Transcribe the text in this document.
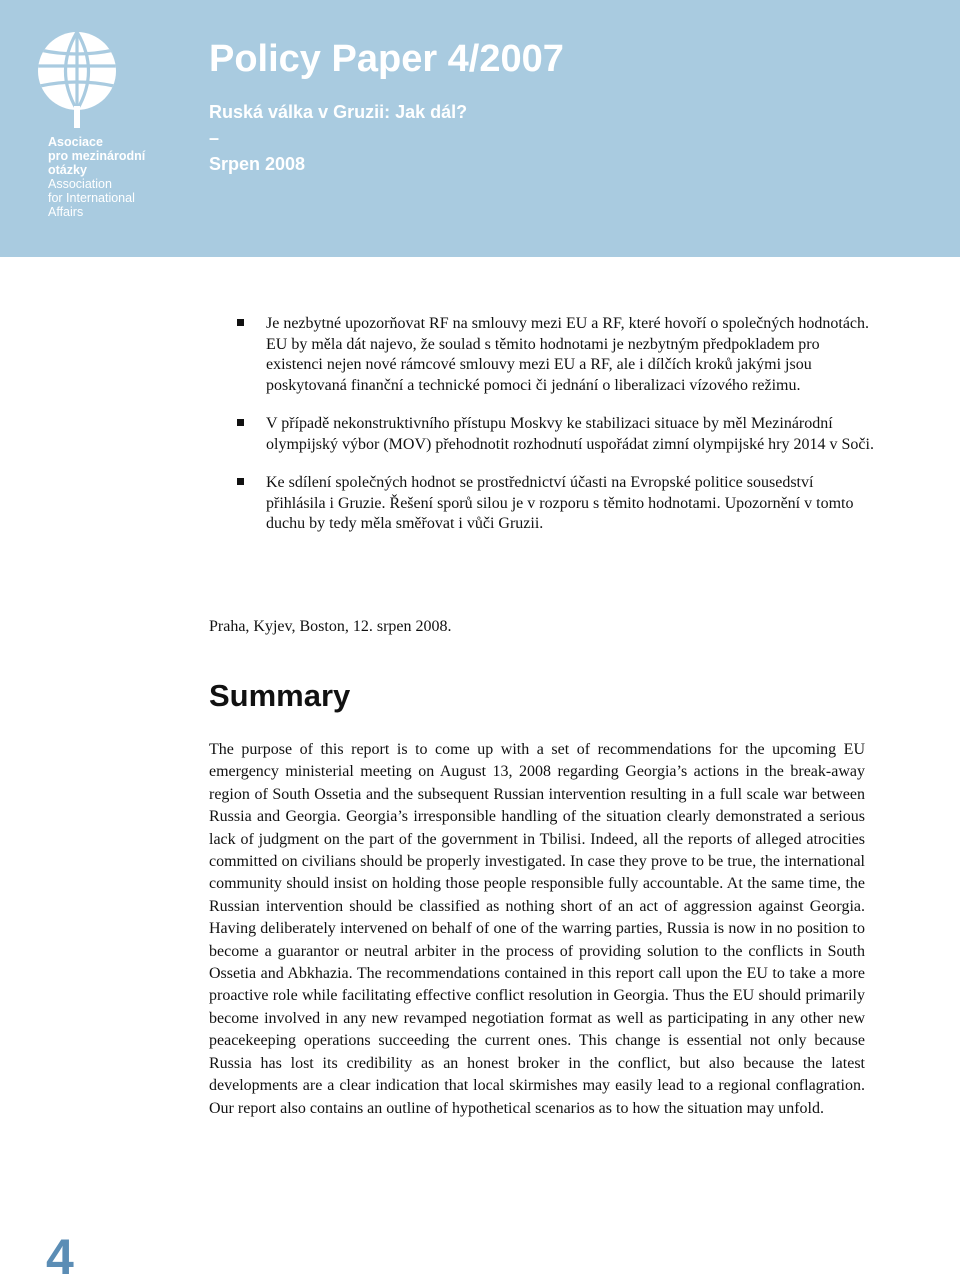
Asociace
pro mezinárodní
otázky
Association
for International
Affairs
Policy Paper 4/2007
Ruská válka v Gruzii: Jak dál?
–
Srpen 2008
Je nezbytné upozorňovat RF na smlouvy mezi EU a RF, které hovoří o společných hodnotách. EU by měla dát najevo, že soulad s těmito hodnotami je nezbytným předpokladem pro existenci nejen nové rámcové smlouvy mezi EU a RF, ale i dílčích kroků jakými jsou poskytovaná finanční a technické pomoci či jednání o liberalizaci vízového režimu.
V případě nekonstruktivního přístupu Moskvy ke stabilizaci situace by měl Mezinárodní olympijský výbor (MOV) přehodnotit rozhodnutí uspořádat zimní olympijské hry 2014 v Soči.
Ke sdílení společných hodnot se prostřednictví účasti na Evropské politice sousedství přihlásila i Gruzie. Řešení sporů silou je v rozporu s těmito hodnotami. Upozornění v tomto duchu by tedy měla směřovat i vůči Gruzii.
Praha, Kyjev, Boston, 12. srpen 2008.
Summary

The purpose of this report is to come up with a set of recommendations for the upcoming EU emergency ministerial meeting on August 13, 2008 regarding Georgia’s actions in the break-away region of South Ossetia and the subsequent Russian intervention resulting in a full scale war between Russia and Georgia. Georgia’s irresponsible handling of the situation clearly demonstrated a serious lack of judgment on the part of the government in Tbilisi. Indeed, all the reports of alleged atrocities committed on civilians should be properly investigated. In case they prove to be true, the international community should insist on holding those people responsible fully accountable. At the same time, the Russian intervention should be classified as nothing short of an act of aggression against Georgia. Having deliberately intervened on behalf of one of the warring parties, Russia is now in no position to become a guarantor or neutral arbiter in the process of providing solution to the conflicts in South Ossetia and Abkhazia. The recommendations contained in this report call upon the EU to take a more proactive role while facilitating effective conflict resolution in Georgia. Thus the EU should primarily become involved in any new revamped negotiation format as well as participating in any other new peacekeeping operations succeeding the current ones. This change is essential not only because Russia has lost its credibility as an honest broker in the conflict, but also because the latest developments are a clear indication that local skirmishes may easily lead to a regional conflagration. Our report also contains an outline of hypothetical scenarios as to how the situation may unfold.

4
